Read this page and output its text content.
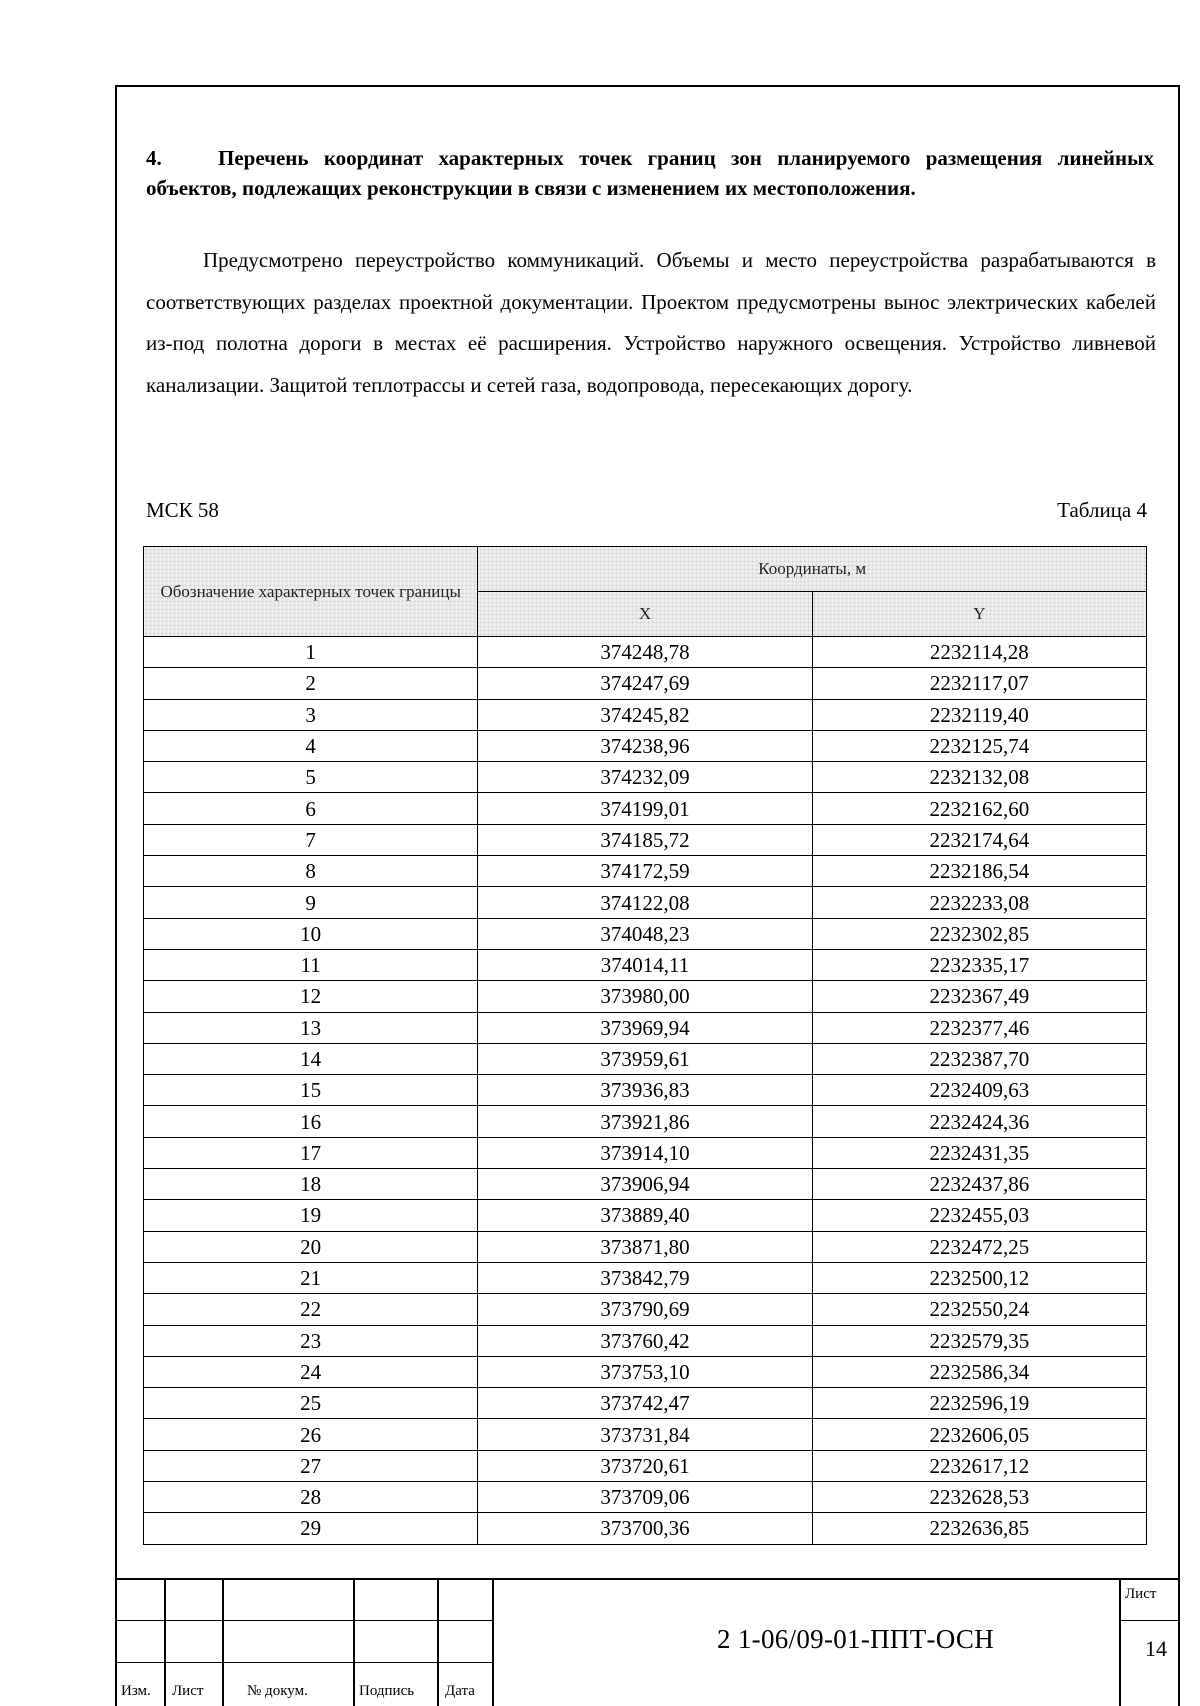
4.	Перечень координат характерных точек границ зон планируемого размещения линейных объектов, подлежащих реконструкции в связи с изменением их местоположения.
Предусмотрено переустройство коммуникаций. Объемы и место переустройства разрабатываются в соответствующих разделах проектной документации. Проектом предусмотрены вынос электрических кабелей из-под полотна дороги в местах её расширения. Устройство наружного освещения. Устройство ливневой канализации. Защитой теплотрассы и сетей газа, водопровода, пересекающих дорогу.
МСК 58	Таблица 4
Обозначение характерных точек границы	Координаты, м	
	X	Y
1	374248,78	2232114,28
2	374247,69	2232117,07
3	374245,82	2232119,40
4	374238,96	2232125,74
5	374232,09	2232132,08
6	374199,01	2232162,60
7	374185,72	2232174,64
8	374172,59	2232186,54
9	374122,08	2232233,08
10	374048,23	2232302,85
11	374014,11	2232335,17
12	373980,00	2232367,49
13	373969,94	2232377,46
14	373959,61	2232387,70
15	373936,83	2232409,63
16	373921,86	2232424,36
17	373914,10	2232431,35
18	373906,94	2232437,86
19	373889,40	2232455,03
20	373871,80	2232472,25
21	373842,79	2232500,12
22	373790,69	2232550,24
23	373760,42	2232579,35
24	373753,10	2232586,34
25	373742,47	2232596,19
26	373731,84	2232606,05
27	373720,61	2232617,12
28	373709,06	2232628,53
29	373700,36	2232636,85
Изм. Лист	№ докум.	Подпись Дата
2 1-06/09-01-ППТ-ОСН
Лист
14
